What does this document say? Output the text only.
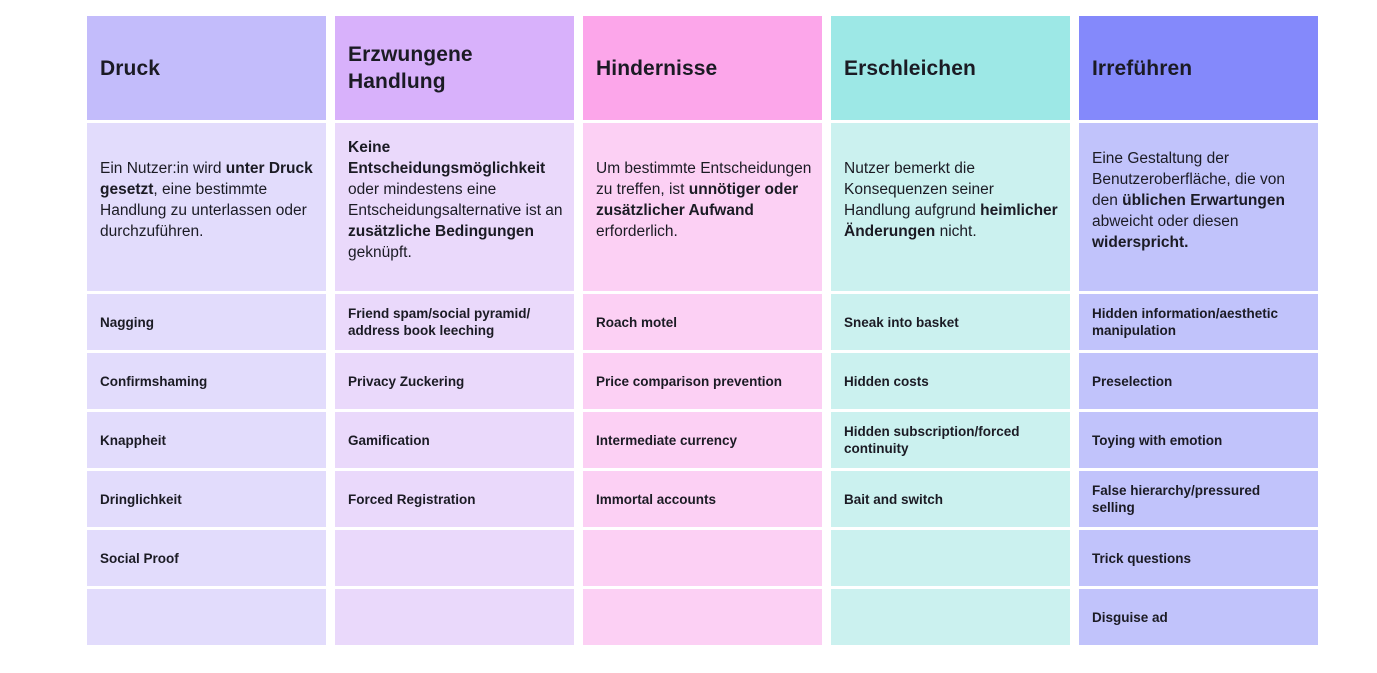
Druck
Ein Nutzer:in wird unter Druck gesetzt, eine bestimmte Handlung zu unterlassen oder durchzuführen.
Nagging
Confirmshaming
Knappheit
Dringlichkeit
Social Proof
Erzwungene Handlung
Keine Entscheidungsmöglichkeit oder mindestens eine Entscheidungsalternative ist an zusätzliche Bedingungen geknüpft.
Friend spam/social pyramid/ address book leeching
Privacy Zuckering
Gamification
Forced Registration
Hindernisse
Um bestimmte Entscheidungen zu treffen, ist unnötiger oder zusätzlicher Aufwand erforderlich.
Roach motel
Price comparison prevention
Intermediate currency
Immortal accounts
Erschleichen
Nutzer bemerkt die Konsequenzen seiner Handlung aufgrund heimlicher Änderungen nicht.
Sneak into basket
Hidden costs
Hidden subscription/forced continuity
Bait and switch
Irreführen
Eine Gestaltung der Benutzeroberfläche, die von den üblichen Erwartungen abweicht oder diesen widerspricht.
Hidden information/aesthetic manipulation
Preselection
Toying with emotion
False hierarchy/pressured selling
Trick questions
Disguise ad
